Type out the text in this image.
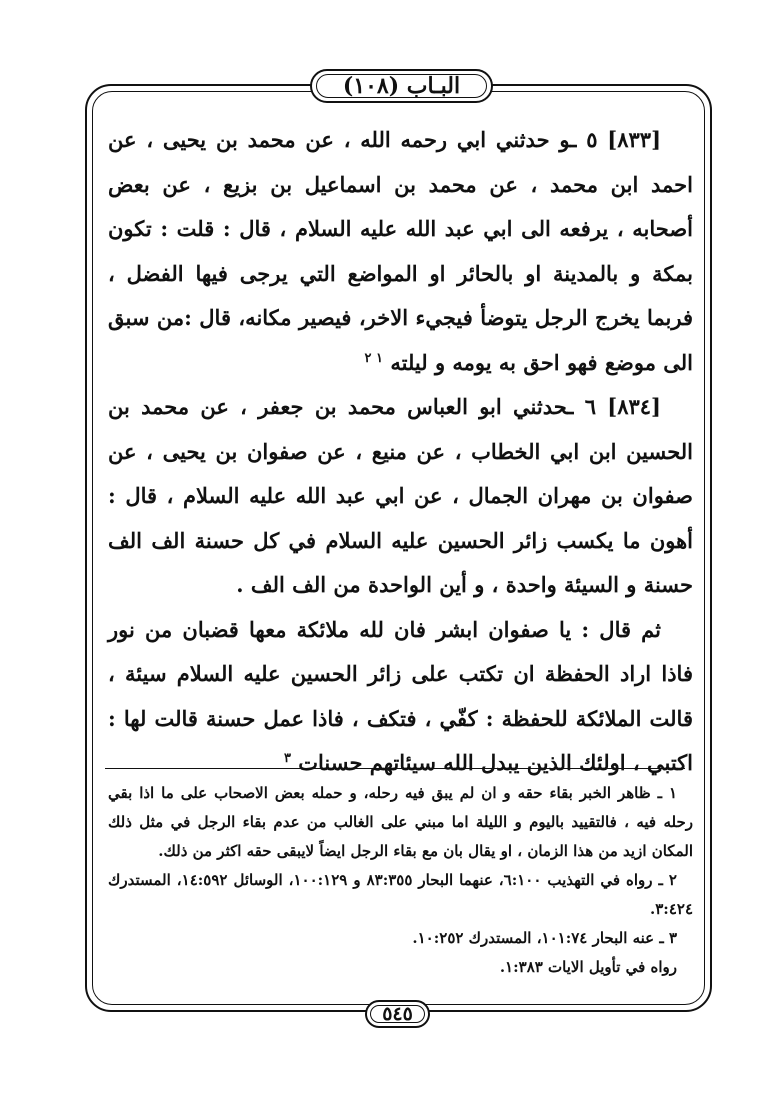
البـاب (١٠٨)

[٨٣٣] ٥ ـو حدثني ابي رحمه الله ، عن محمد بن يحيى ، عن احمد ابن محمد ، عن محمد بن اسماعيل بن بزيع ، عن بعض أصحابه ، يرفعه الى ابي عبد الله عليه السلام ، قال : قلت : تكون بمكة و بالمدينة او بالحائر او المواضع التي يرجى فيها الفضل ، فربما يخرج الرجل يتوضأ فيجيء الاخر، فيصير مكانه، قال :من سبق الى موضع فهو احق به يومه و ليلته $^{١ ٢}$

[٨٣٤] ٦ ـحدثني ابو العباس محمد بن جعفر ، عن محمد بن الحسين ابن ابي الخطاب ، عن منيع ، عن صفوان بن يحيى ، عن صفوان بن مهران الجمال ، عن ابي عبد الله عليه السلام ، قال : أهون ما يكسب زائر الحسين عليه السلام في كل حسنة الف الف حسنة و السيئة واحدة ، و أين الواحدة من الف الف .

ثم قال : يا صفوان ابشر فان لله ملائكة معها قضبان من نور فاذا اراد الحفظة ان تكتب على زائر الحسين عليه السلام سيئة ، قالت الملائكة للحفظة : كفّي ، فتكف ، فاذا عمل حسنة قالت لها : اكتبي ، اولئك الذين يبدل الله سيئاتهم حسنات $^٣$

١ ـ ظاهر الخبر بقاء حقه و ان لم يبق فيه رحله، و حمله بعض الاصحاب على ما اذا بقي رحله فيه ، فالتقييد باليوم و الليلة اما مبني على الغالب من عدم بقاء الرجل في مثل ذلك المكان ازيد من هذا الزمان ، او يقال بان مع بقاء الرجل ايضاً لايبقى حقه اكثر من ذلك.

٢ ـ رواه في التهذيب ٦:١٠٠، عنهما البحار ٨٣:٣٥٥ و ١٠٠:١٢٩، الوسائل ١٤:٥٩٢، المستدرك ٣:٤٢٤.

٣ ـ عنه البحار ١٠١:٧٤، المستدرك ١٠:٢٥٢.

رواه في تأويل الايات ١:٣٨٣.

٥٤٥
